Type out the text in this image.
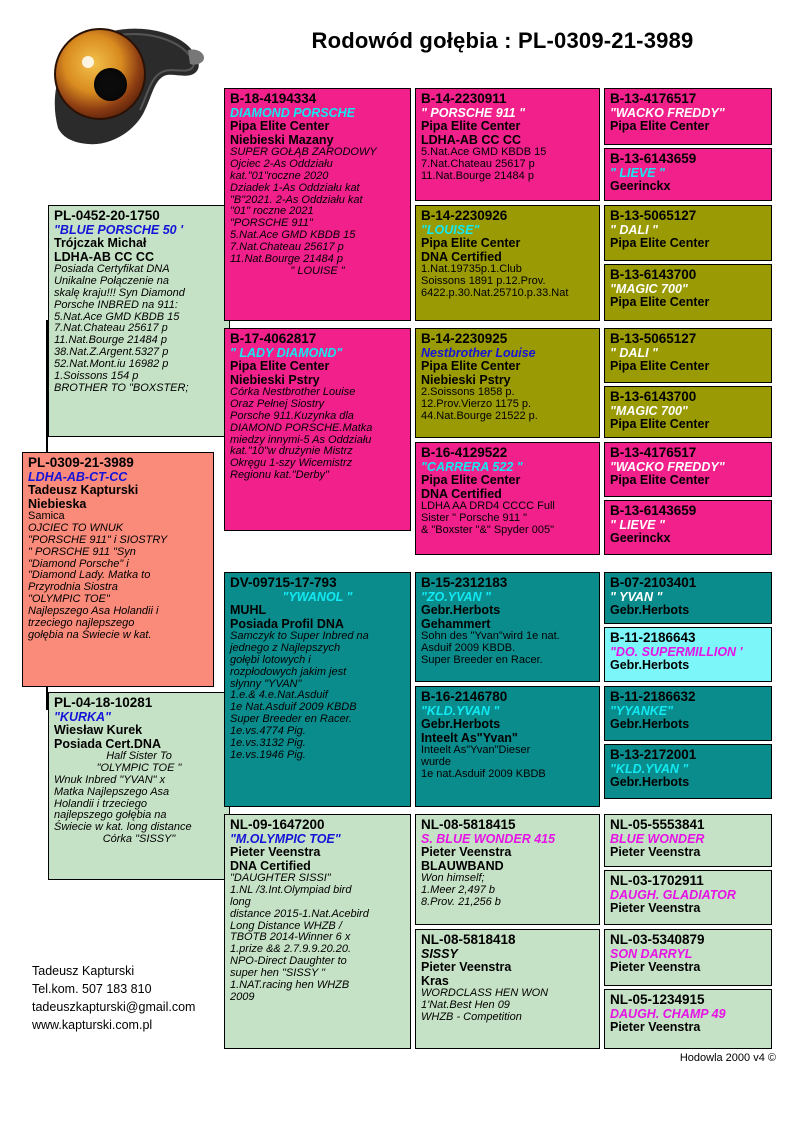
Rodowód gołębia : PL-0309-21-3989
PL-0309-21-3989
LDHA-AB-CT-CC
Tadeusz Kapturski
Niebieska
Samica
OJCIEC TO WNUK
"PORSCHE 911" i SIOSTRY
" PORSCHE 911 "Syn
"Diamond Porsche" i
"Diamond Lady. Matka to
Przyrodnia Siostra
"OLYMPIC TOE"
Najlepszego Asa Holandii i
trzeciego najlepszego
gołębia na Świecie w kat.
PL-0452-20-1750
"BLUE PORSCHE 50 '
Trójczak Michał
LDHA-AB CC CC
Posiada Certyfikat DNA
Unikalne Połączenie na
skalę kraju!!! Syn Diamond
Porsche INBRED na 911:
5.Nat.Ace GMD KBDB 15
7.Nat.Chateau 25617 p
11.Nat.Bourge 21484 p
38.Nat.Z.Argent.5327 p
52.Nat.Mont.iu 16982 p
1.Soissons 154 p
BROTHER TO "BOXSTER;
PL-04-18-10281
"KURKA"
Wiesław Kurek
Posiada Cert.DNA
Half Sister To
"OLYMPIC TOE "
Wnuk Inbred "YVAN" x
Matka Najlepszego Asa
Holandii i trzeciego
najlepszego gołębia na
Świecie w kat. long distance
Córka "SISSY"
B-18-4194334
DIAMOND PORSCHE
Pipa Elite Center
Niebieski Mazany
SUPER GOŁĄB ZARODOWY
Ojciec 2-As Oddziału
kat."01"roczne 2020
Dziadek 1-As Oddziału kat
"B"2021. 2-As Oddziału kat
"01" roczne 2021
"PORSCHE 911"
5.Nat.Ace GMD KBDB 15
7.Nat.Chateau 25617 p
11.Nat.Bourge 21484 p
" LOUISE "
B-17-4062817
" LADY DIAMOND"
Pipa Elite Center
Niebieski Pstry
Córka Nestbrother Louise
Oraz Pełnej Siostry
Porsche 911.Kuzynka dla
DIAMOND PORSCHE.Matka
miedzy innymi-5 As Oddziału
kat."10"w drużynie Mistrz
Okręgu 1-szy Wicemistrz
Regionu kat."Derby"
DV-09715-17-793
"YWANOL "
MUHL
Posiada Profil DNA
Samczyk to Super Inbred na
jednego z Najlepszych
gołębi lotowych i
rozpłodowych jakim jest
słynny "YVAN"
1.e.& 4.e.Nat.Asduif
1e Nat.Asduif 2009 KBDB
Super Breeder en Racer.
1e.vs.4774 Pig.
1e.vs.3132 Pig.
1e.vs.1946 Pig.
NL-09-1647200
"M.OLYMPIC TOE"
Pieter Veenstra
DNA Certified
"DAUGHTER SISSI"
1.NL /3.Int.Olympiad bird
long
distance 2015-1.Nat.Acebird
Long Distance WHZB /
TBOTB 2014-Winner 6 x
1.prize && 2.7.9.9.20.20.
NPO-Direct Daughter to
super hen "SISSY "
1.NAT.racing hen WHZB
2009
B-14-2230911
" PORSCHE 911 "
Pipa Elite Center
LDHA-AB CC CC
5.Nat.Ace GMD KBDB 15
7.Nat.Chateau 25617 p
11.Nat.Bourge 21484 p
B-14-2230926
"LOUISE"
Pipa Elite Center
DNA Certified
1.Nat.19735p.1.Club
Soissons 1891 p.12.Prov.
6422.p.30.Nat.25710.p.33.Nat
B-14-2230925
Nestbrother Louise
Pipa Elite Center
Niebieski Pstry
2.Soissons 1858 p.
12.Prov.Vierzo 1175 p.
44.Nat.Bourge 21522 p.
B-16-4129522
"CARRERA 522 "
Pipa Elite Center
DNA Certified
LDHA AA DRD4 CCCC Full
Sister " Porsche 911 "
& "Boxster "&" Spyder 005"
B-15-2312183
"ZO.YVAN "
Gebr.Herbots
Gehammert
Sohn des "Yvan"wird 1e nat.
Asduif 2009 KBDB.
Super Breeder en Racer.
B-16-2146780
"KLD.YVAN "
Gebr.Herbots
Inteelt As"Yvan"
Inteelt As"Yvan"Dieser
wurde
1e nat.Asduif 2009 KBDB
NL-08-5818415
S. BLUE WONDER 415
Pieter Veenstra
BLAUWBAND
Won himself;
1.Meer 2,497 b
8.Prov. 21,256 b
NL-08-5818418
SISSY
Pieter Veenstra
Kras
WORDCLASS HEN WON
1'Nat.Best Hen 09
WHZB - Competition
B-13-4176517
"WACKO FREDDY"
Pipa Elite Center
B-13-6143659
" LIEVE "
Geerinckx
B-13-5065127
" DALI "
Pipa Elite Center
B-13-6143700
"MAGIC 700"
Pipa Elite Center
B-13-5065127
" DALI "
Pipa Elite Center
B-13-6143700
"MAGIC 700"
Pipa Elite Center
B-13-4176517
"WACKO FREDDY"
Pipa Elite Center
B-13-6143659
" LIEVE "
Geerinckx
B-07-2103401
" YVAN "
Gebr.Herbots
B-11-2186643
"DO. SUPERMILLION '
Gebr.Herbots
B-11-2186632
"YYANKE"
Gebr.Herbots
B-13-2172001
"KLD.YVAN "
Gebr.Herbots
NL-05-5553841
BLUE WONDER
Pieter Veenstra
NL-03-1702911
DAUGH. GLADIATOR
Pieter Veenstra
NL-03-5340879
SON DARRYL
Pieter Veenstra
NL-05-1234915
DAUGH. CHAMP 49
Pieter Veenstra
Tadeusz Kapturski
Tel.kom. 507 183 810
tadeuszkapturski@gmail.com
www.kapturski.com.pl
Hodowla 2000 v4 ©
